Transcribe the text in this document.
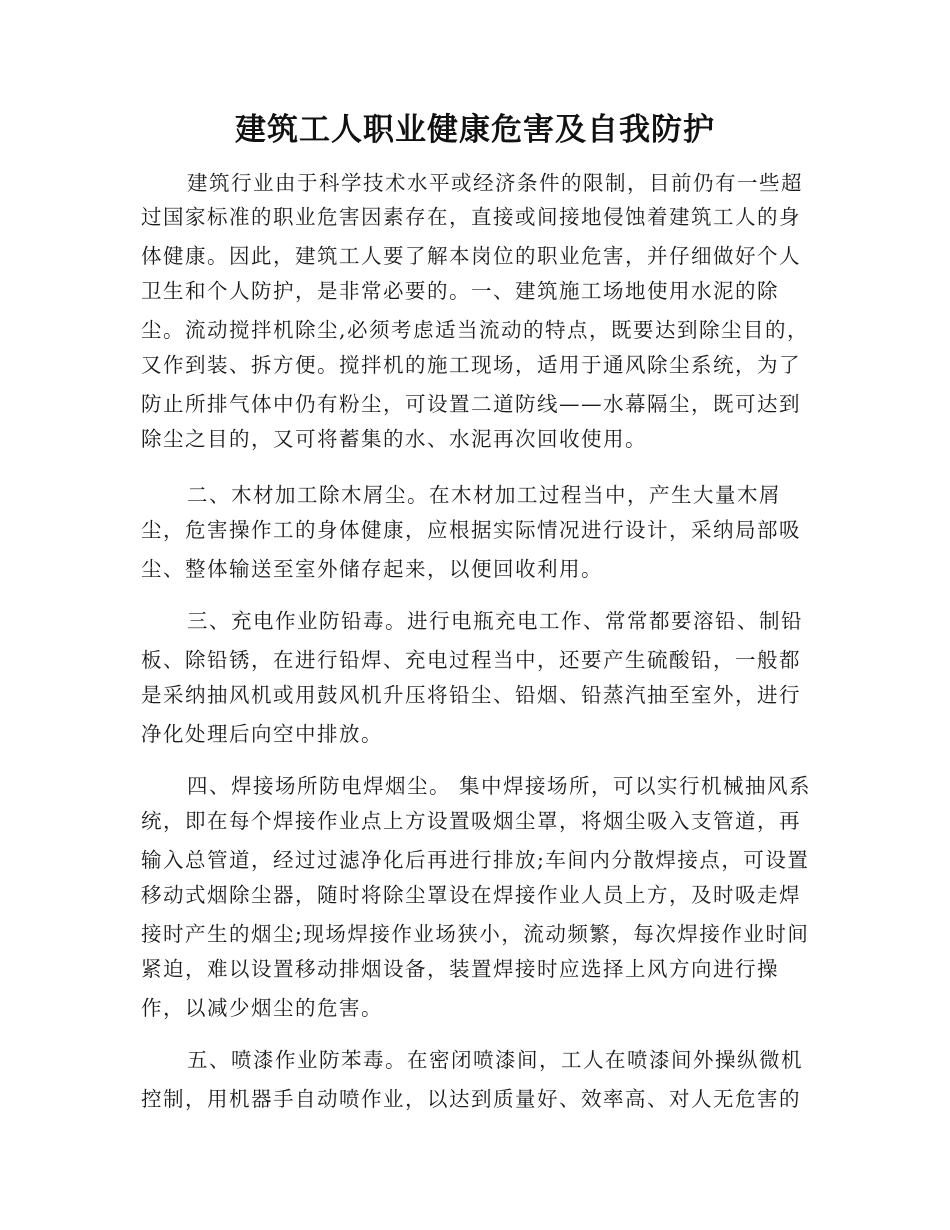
建筑工人职业健康危害及自我防护
建筑行业由于科学技术水平或经济条件的限制，目前仍有一些超
过国家标准的职业危害因素存在，直接或间接地侵蚀着建筑工人的身
体健康。因此，建筑工人要了解本岗位的职业危害，并仔细做好个人
卫生和个人防护，是非常必要的。一、建筑施工场地使用水泥的除
尘。流动搅拌机除尘,必须考虑适当流动的特点，既要达到除尘目的，
又作到装、拆方便。搅拌机的施工现场，适用于通风除尘系统，为了
防止所排气体中仍有粉尘，可设置二道防线——水幕隔尘，既可达到
除尘之目的，又可将蓄集的水、水泥再次回收使用。
二、木材加工除木屑尘。在木材加工过程当中，产生大量木屑
尘，危害操作工的身体健康，应根据实际情况进行设计，采纳局部吸
尘、整体输送至室外储存起来，以便回收利用。
三、充电作业防铅毒。进行电瓶充电工作、常常都要溶铅、制铅
板、除铅锈，在进行铅焊、充电过程当中，还要产生硫酸铅，一般都
是采纳抽风机或用鼓风机升压将铅尘、铅烟、铅蒸汽抽至室外，进行
净化处理后向空中排放。
四、焊接场所防电焊烟尘。 集中焊接场所，可以实行机械抽风系
统，即在每个焊接作业点上方设置吸烟尘罩，将烟尘吸入支管道，再
输入总管道，经过过滤净化后再进行排放;车间内分散焊接点，可设置
移动式烟除尘器，随时将除尘罩设在焊接作业人员上方，及时吸走焊
接时产生的烟尘;现场焊接作业场狭小，流动频繁，每次焊接作业时间
紧迫，难以设置移动排烟设备，装置焊接时应选择上风方向进行操
作，以减少烟尘的危害。
五、喷漆作业防苯毒。在密闭喷漆间，工人在喷漆间外操纵微机
控制，用机器手自动喷作业，以达到质量好、效率高、对人无危害的
